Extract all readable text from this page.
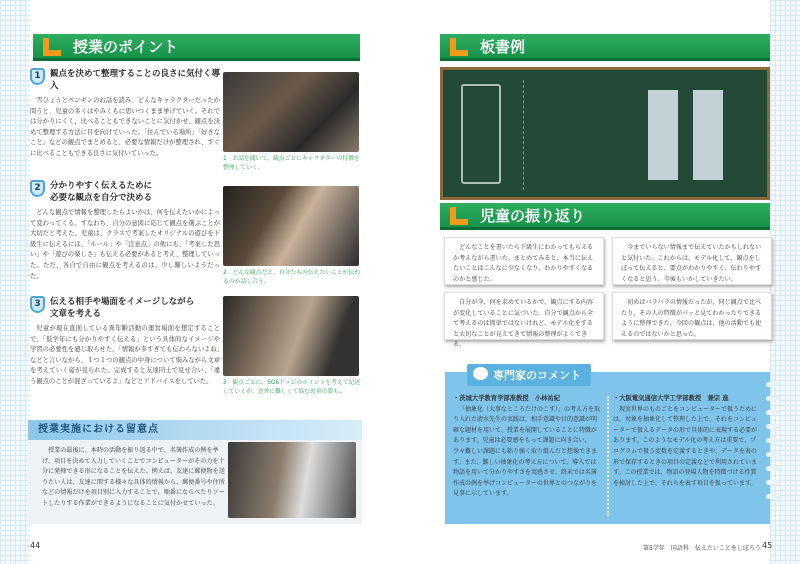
授業のポイント
1	観点を決めて整理することの良さに気付く導入

雪ひょうとペンギンのお話を読み、どんなキャラクターだったか問うと、児童の多くはやみくもに思いつくまま挙げていく。それでは分かりにくく、比べることもできないことに気付かせ、観点を決めて整理する方法に目を向けていった。「住んでいる場所」「好きなこと」などの観点でまとめると、必要な情報だけが整理され、すぐに比べることもできる良さに気付いていった。

2	分かりやすく伝えるために
必要な観点を自分で決める

どんな観点で情報を整理したらよいかは、何を伝えたいかによって変わってくる。すなわち、自分の意図に応じて観点を選ぶことが大切だと考えた。児童は、クラスで考案したオリジナルの遊びを下級生に伝えるには、「ルール」や「注意点」の他にも、「考案した思い」や「遊びの楽しさ」も伝える必要があると考え、整理していった。ただ、各自で自由に観点を考えるのは、少し難しいようだった。

3	伝える相手や場面をイメージしながら
文章を考える

児童が現在直面している異年齢活動の運営場面を想定することで、「低学年にも分かりやすく伝える」という具体的なイメージや学習の必要性を感じ取らせた。「情報が多すぎても伝わらないよね」などと言いながら、１つ１つの観点の中身について悩みながら文章を考えていく姿が見られた。完成すると友達同士で見せ合い、「違う観点のことが混ざっているよ」などとアドバイスをしていた。

1　お話を聞いて、観点ごとにキャラクターの特徴を整理していく。
2　どんな観点だと、自分たちの伝えたいことが伝わるのか話し合う。
3　観点ごとに、SOSドッジのポイントを考えて記述していくが、意外に難しくて悩む児童の姿も。
授業実施における留意点

授業の最後に、本時の活動を振り返る中で、名簿作成の例を挙げ、項目を決めて入力していくことでコンピューターがその力を十分に発揮できる形になることを伝えた。例えば、友達に郵便物を送りたい人は、友達に関する様々な具体的情報から、郵便番号や住所などの情報だけを項目別に入力することで、順番にならべたりソートしたりする作業ができるようになることに気付かせていった。

44
板書例
児童の振り返り
どんなことを書いたら下級生にわかってもらえるか考えながら書いた。まとめてみると、本当に伝えたいことはこんなに少なくなり、わかりやすくなるのかと感じた。
今までいらない情報まで伝えていたかもしれないと気付いた。これからは、モデル化して、観点をしぼって伝えると、要点がわかりやすく、伝わりやすくなると思う。今後もいかしていきたい。
自分が今、何を求めているかで、観点にする内容が変化していることに気づいた。自分で観点から全て考えるのは簡単ではないけれど、モデル化をすると大切なことが見えてきて情報の整理がよくできる。
初めはバラバラの情報だったが、同じ観点で比べたり、その人の特徴がパッと見てわかったりできるように整理できた。今回の観点は、他の活動でも使えるのではないかと思った。
専門家のコメント
・茨城大学教育学部准教授　小林祐紀

「抽象化（大事なところだけのこす）」の考え方を取り入れた清水先生の実践は、相手意識や目的意識が明確な題材を用いて、授業を展開していることに特徴があります。児童は必要感をもって課題に向き合い、少々難しい課題にも粘り強く取り組んだと想像できます。また、難しい抽象化の考え方について、導入では物語を用いて分かりやすさを実感させ、終末では名簿作成の例を挙げコンピューターの世界とのつながりを見事に示しています。

・大阪電気通信大学工学部教授　兼宗 進

現実世界のものごとをコンピューターで扱うためには、対象を抽象化して整理した上で、それをコンピューターで扱えるデータの形で具体的に表現する必要があります。このようなモデル化の考え方は重要で、プログラムで扱う変数を定義するときや、データを表の形で保存するときの項目の定義などで利用されています。この授業では、物語の登場人物を特徴づける性質を検討した上で、それらを表す項目を扱っています。

第5学年　国語科　伝えたいことをしぼろう 45
